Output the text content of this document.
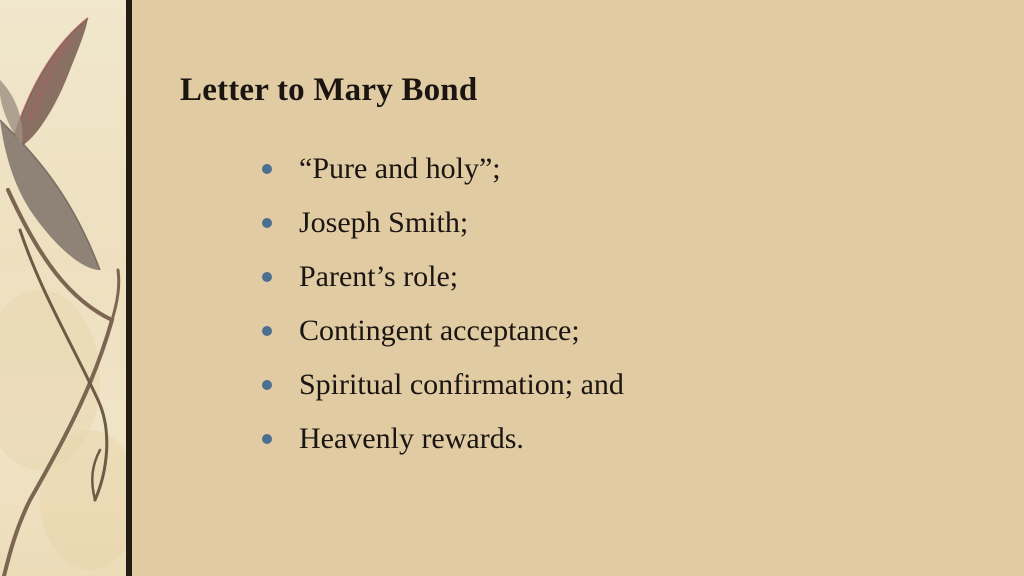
Letter to Mary Bond
“Pure and holy”;
Joseph Smith;
Parent’s role;
Contingent acceptance;
Spiritual confirmation; and
Heavenly rewards.
